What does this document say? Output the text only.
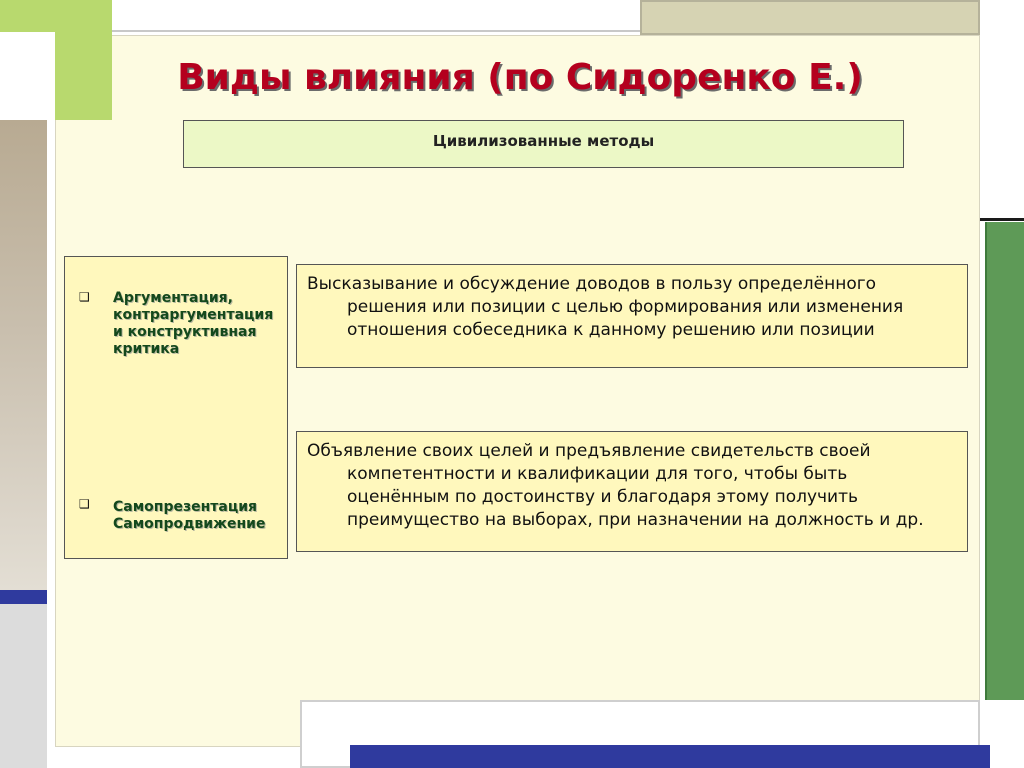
Виды влияния (по Сидоренко Е.)
Цивилизованные методы
❑ Аргументация, контраргументация и конструктивная критика
❑ Самопрезентация Самопродвижение
Высказывание и обсуждение доводов в пользу определённого решения или позиции с целью формирования или изменения отношения собеседника к данному решению или позиции
Объявление своих целей и предъявление свидетельств своей компетентности и квалификации для того, чтобы быть оценённым по достоинству и благодаря этому получить преимущество на выборах, при назначении на должность и др.
